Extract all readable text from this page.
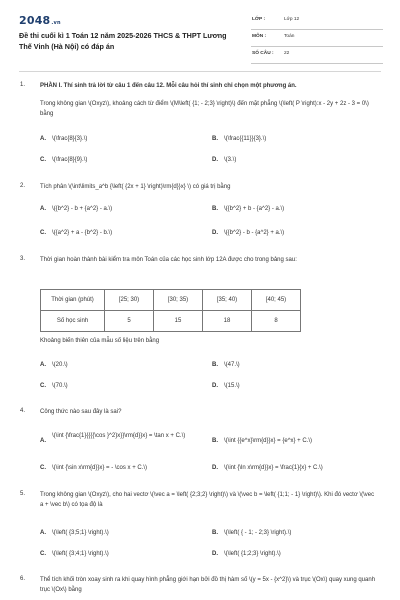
2048.vn
Đề thi cuối kì 1 Toán 12 năm 2025-2026 THCS & THPT Lương Thế Vinh (Hà Nội) có đáp án
LỚP :	Lớp 12
MÔN :	Toán
SỐ CÂU : 22
1. PHẦN I. Thí sinh trả lời từ câu 1 đến câu 12. Mỗi câu hỏi thí sinh chỉ chọn một phương án.
Trong không gian \(Oxyz\), khoảng cách từ điểm \(M\left( {1; - 2;3} \right)\) đến mặt phẳng \(\left( P \right):x - 2y + 2z - 3 = 0\) bằng
A. \(\frac{8}{3}.\)	B. \(\frac{{11}}{3}.\)
C. \(\frac{8}{9}.\)	D. \(3.\)
2. Tích phân \(\int\limits_a^b {\left( {2x + 1} \right)\rm{d}}x} \) có giá trị bằng
A. \({b^2} - b + {a^2} - a.\)	B. \({b^2} + b - {a^2} - a.\)
C. \({a^2} + a - {b^2} - b.\)	D. \({b^2} - b - {a^2} + a.\)
3. Thời gian hoàn thành bài kiểm tra môn Toán của các học sinh lớp 12A được cho trong bảng sau:
Thời gian (phút)	[25; 30)	[30; 35)	[35; 40)	[40; 45)
Số học sinh	5	15	18	8
Khoảng biến thiên của mẫu số liệu trên bằng
A. \(20.\)	B. \(47.\)
C. \(70.\)	D. \(15.\)
4. Công thức nào sau đây là sai?
A.
\(\int {\frac{1}{{{{\cos }^2}x}}\rm{d}}x} = \tan x + C.\)
B. \(\int {{e^x}\rm{d}}x} = {e^x} + C.\)
C. \(\int {\sin x\rm{d}}x} = - \cos x + C.\)	D. \(\int {\ln x\rm{d}}x} = \frac{1}{x} + C.\)
5. Trong không gian \(Oxyz\), cho hai vectơ \(\vec a = \left( {2;3;2} \right)\) và \(\vec b = \left( {1;1; - 1} \right)\). Khi đó vectơ \(\vec a + \vec b\) có tọa độ là
A. \(\left( {3;5;1} \right).\)	B. \(\left( { - 1; - 2;3} \right).\)
C. \(\left( {3;4;1} \right).\)	D. \(\left( {1;2;3} \right).\)
6. Thể tích khối tròn xoay sinh ra khi quay hình phẳng giới hạn bởi đồ thị hàm số \(y = 5x - {x^2}\) và trục \(Ox\) quay xung quanh trục \(Ox\) bằng
